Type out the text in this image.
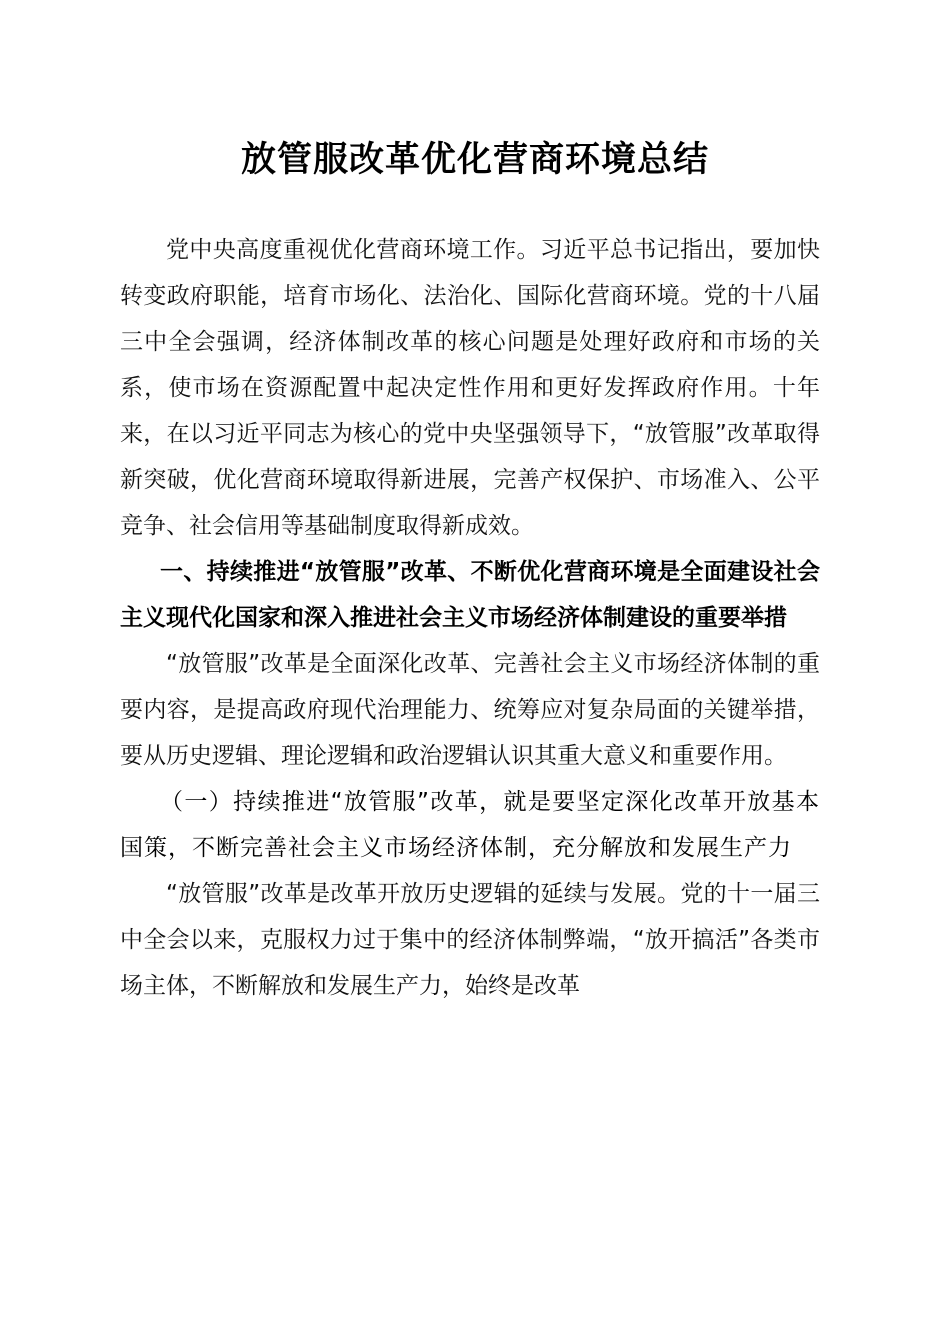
放管服改革优化营商环境总结

党中央高度重视优化营商环境工作。习近平总书记指出，要加快转变政府职能，培育市场化、法治化、国际化营商环境。党的十八届三中全会强调，经济体制改革的核心问题是处理好政府和市场的关系，使市场在资源配置中起决定性作用和更好发挥政府作用。十年来，在以习近平同志为核心的党中央坚强领导下，“放管服”改革取得新突破，优化营商环境取得新进展，完善产权保护、市场准入、公平竞争、社会信用等基础制度取得新成效。

一、持续推进“放管服”改革、不断优化营商环境是全面建设社会主义现代化国家和深入推进社会主义市场经济体制建设的重要举措

“放管服”改革是全面深化改革、完善社会主义市场经济体制的重要内容，是提高政府现代治理能力、统筹应对复杂局面的关键举措，要从历史逻辑、理论逻辑和政治逻辑认识其重大意义和重要作用。

（一）持续推进“放管服”改革，就是要坚定深化改革开放基本国策，不断完善社会主义市场经济体制，充分解放和发展生产力

“放管服”改革是改革开放历史逻辑的延续与发展。党的十一届三中全会以来，克服权力过于集中的经济体制弊端，“放开搞活”各类市场主体，不断解放和发展生产力，始终是改革
